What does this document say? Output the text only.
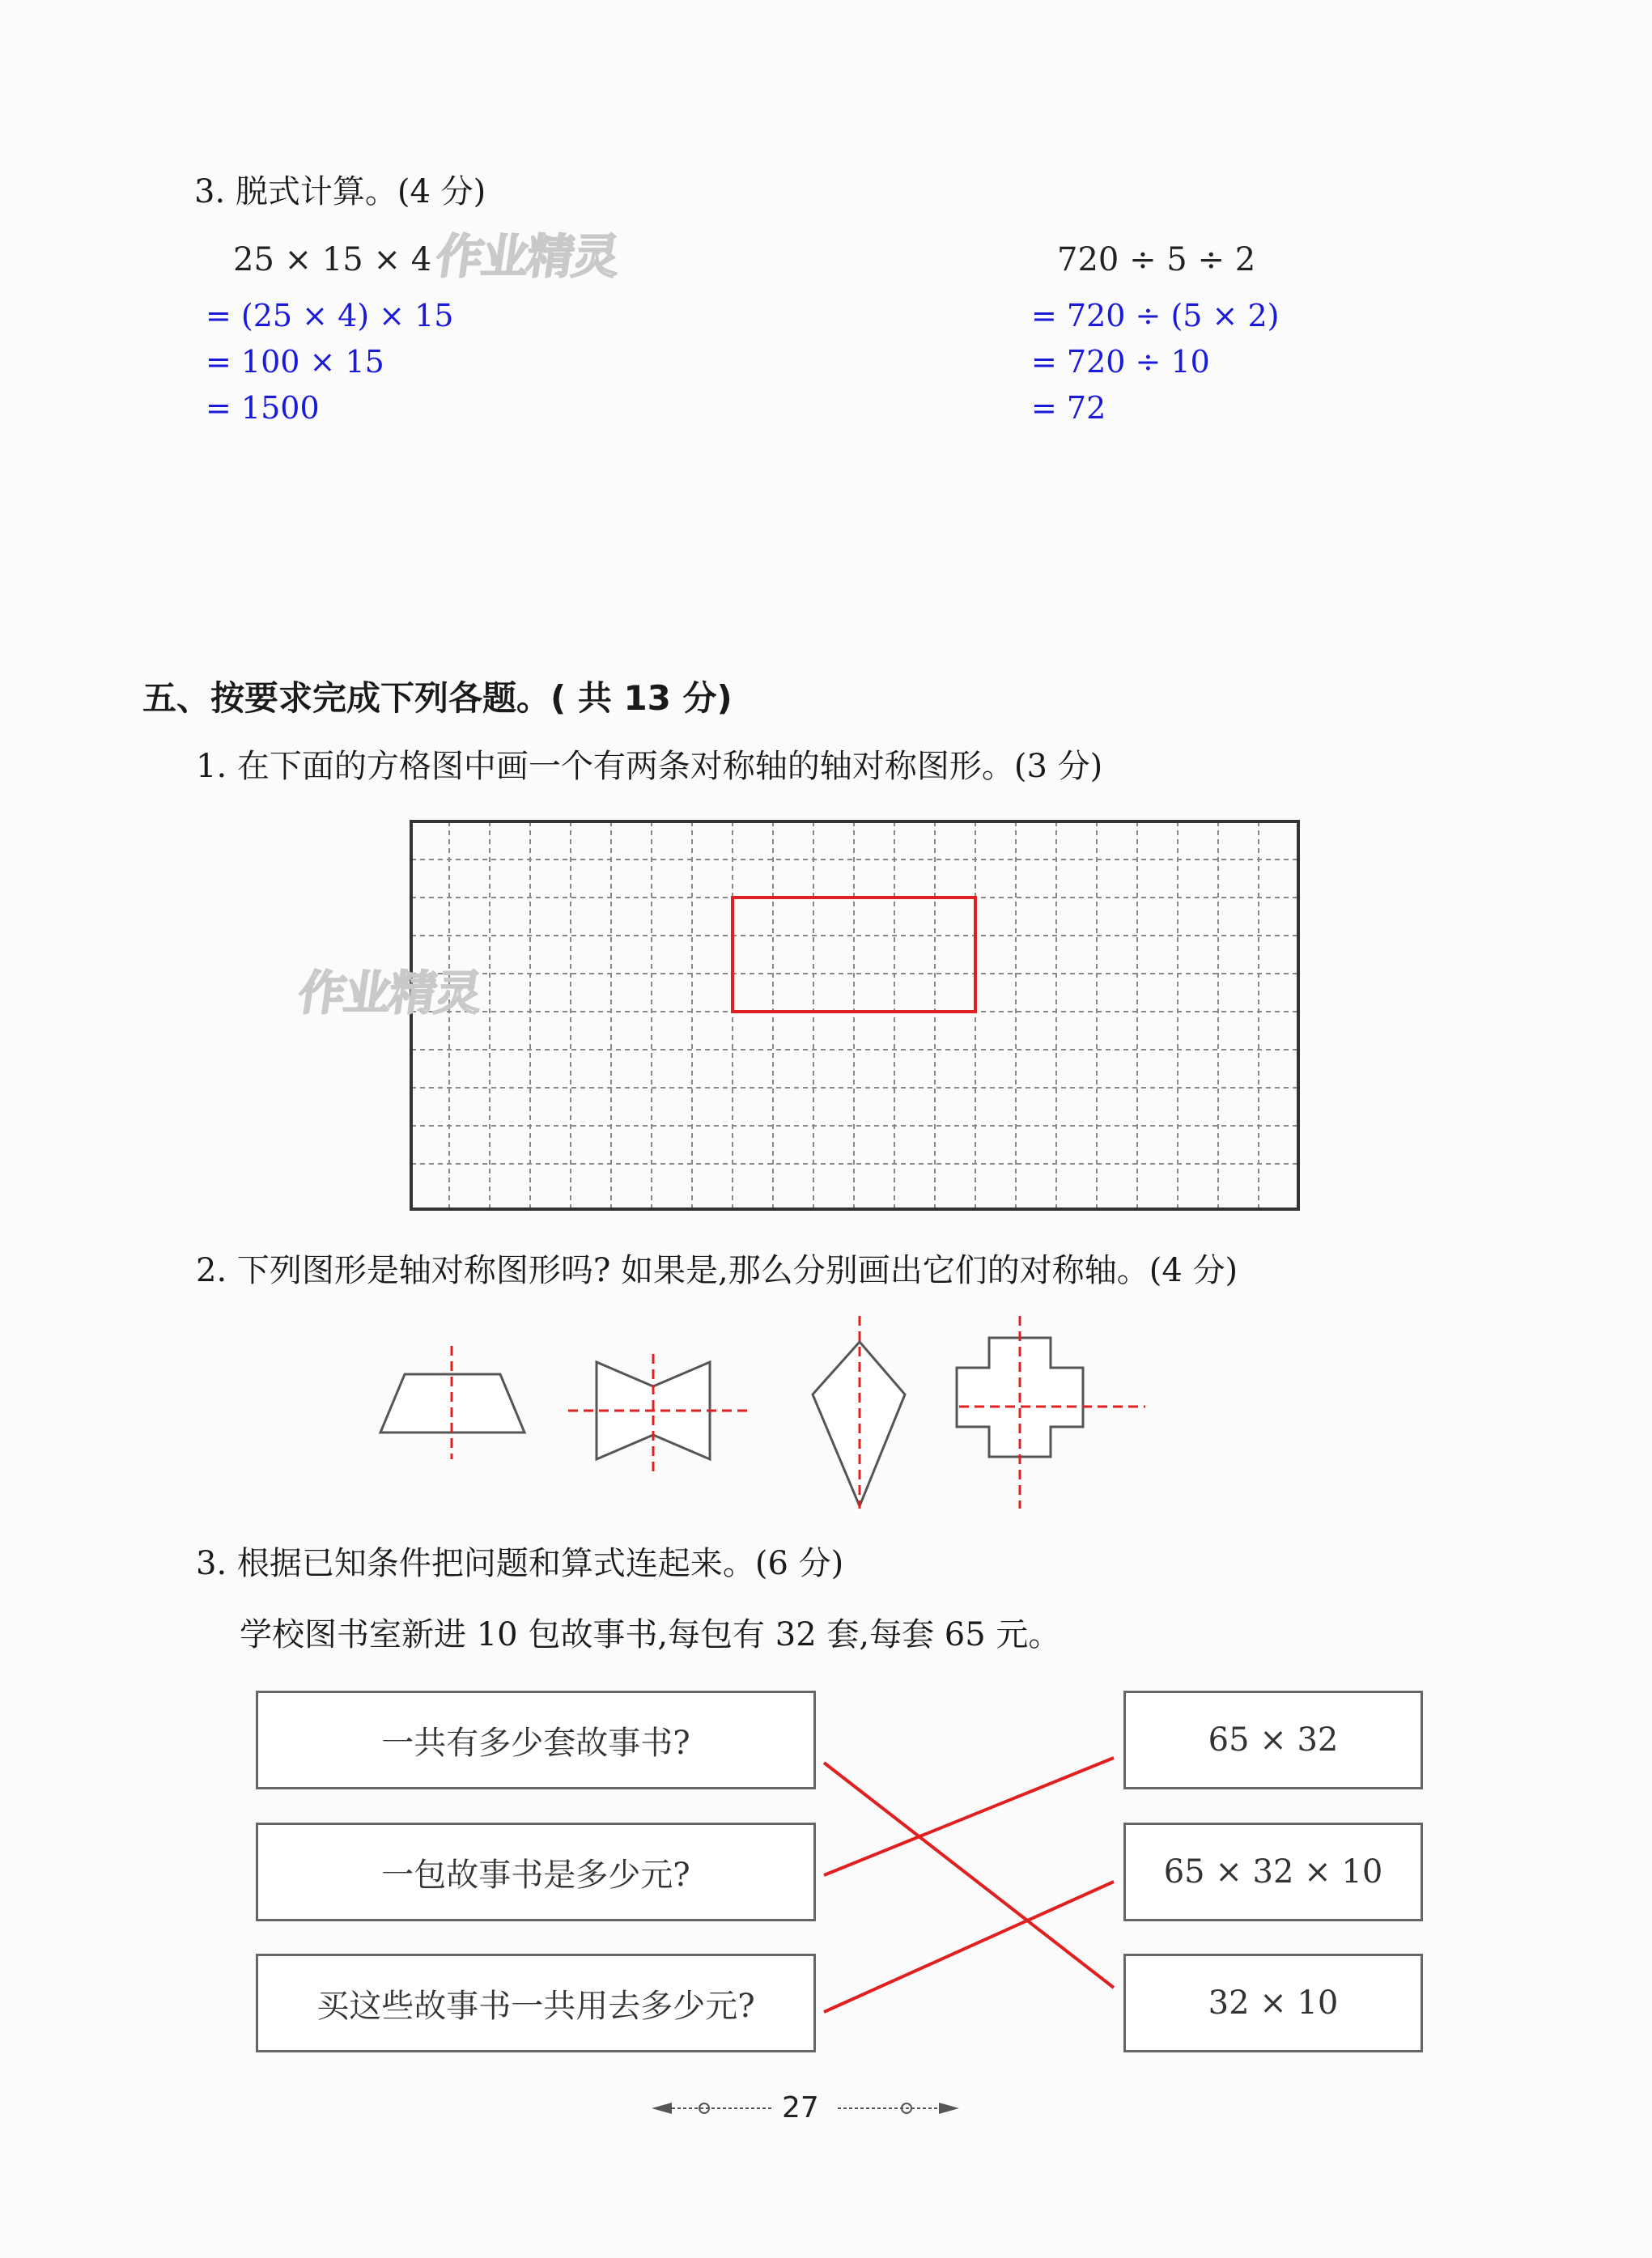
3. 脱式计算。(4 分)
25 × 15 × 4
= (25 × 4) × 15
= 100 × 15
= 1500
720 ÷ 5 ÷ 2
= 720 ÷ (5 × 2)
= 720 ÷ 10
= 72
作业精灵
五、按要求完成下列各题。( 共 13 分)
1. 在下面的方格图中画一个有两条对称轴的轴对称图形。(3 分)
作业精灵
2. 下列图形是轴对称图形吗? 如果是,那么分别画出它们的对称轴。(4 分)
3. 根据已知条件把问题和算式连起来。(6 分)
学校图书室新进 10 包故事书,每包有 32 套,每套 65 元。
一共有多少套故事书?
一包故事书是多少元?
买这些故事书一共用去多少元?
65 × 32
65 × 32 × 10
32 × 10
27
